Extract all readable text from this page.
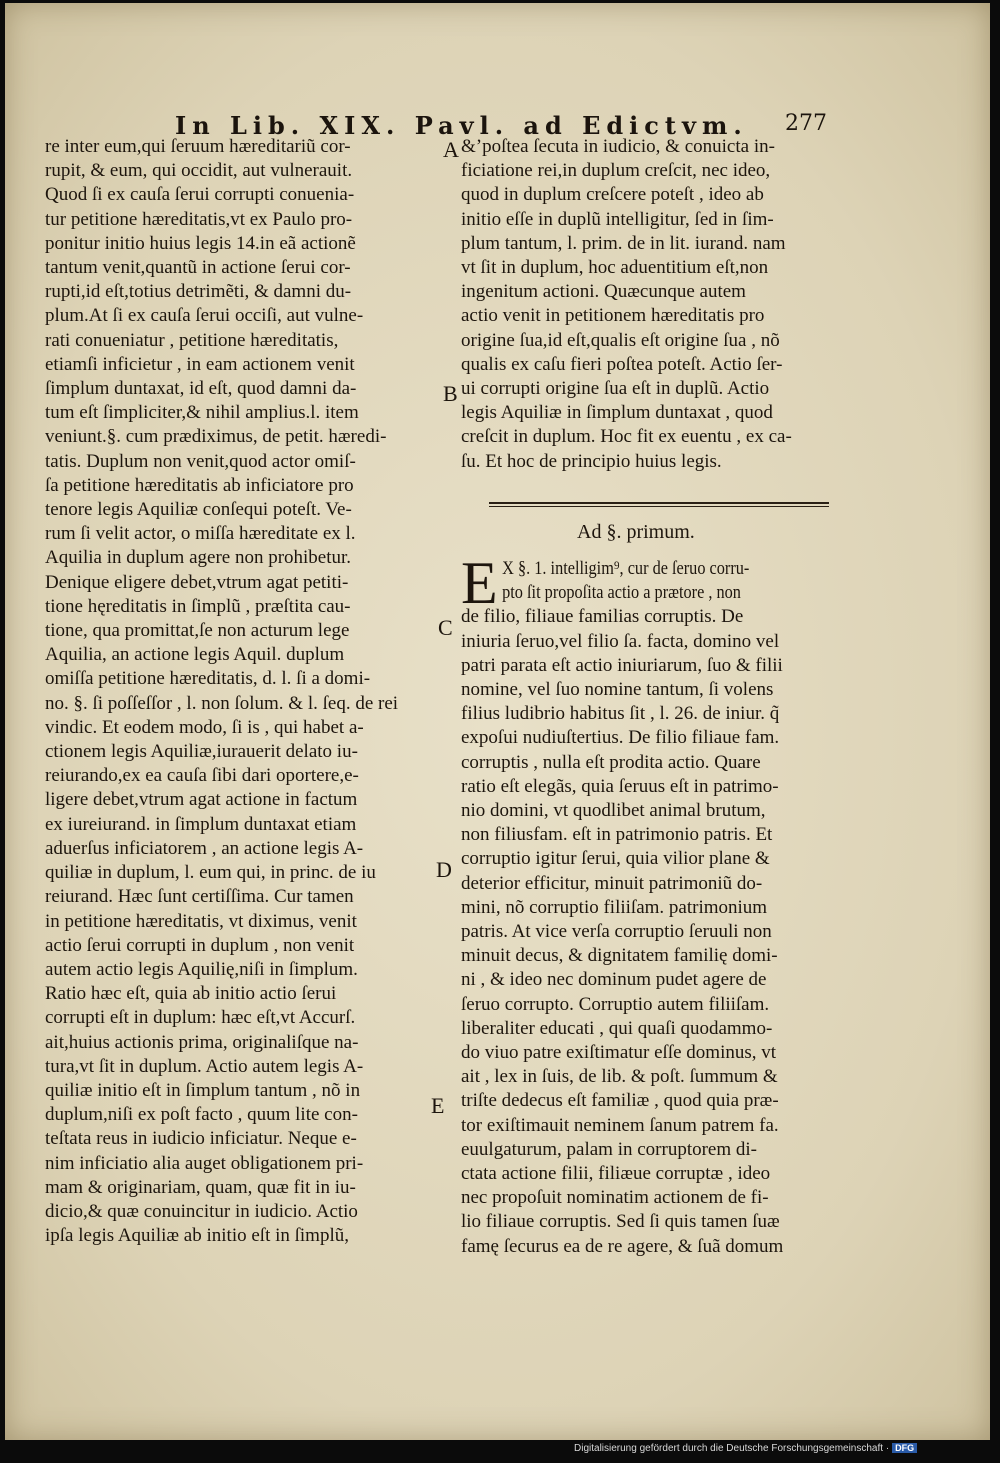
In Lib. XIX. Pavl. ad Edictvm.	277

re inter eum,qui ſeruum hæreditariũ cor-

rupit, & eum, qui occidit, aut vulnerauit.

Quod ſi ex cauſa ſerui corrupti conuenia-

tur petitione hæreditatis,vt ex Paulo pro-

ponitur initio huius legis 14.in eã actionẽ

tantum venit,quantũ in actione ſerui cor-

rupti,id eſt,totius detrimẽti, & damni du-

plum.At ſi ex cauſa ſerui occiſi, aut vulne-

rati conueniatur , petitione hæreditatis,

etiamſi inficietur , in eam actionem venit

ſimplum duntaxat, id eſt, quod damni da-

tum eſt ſimpliciter,& nihil amplius.l. item

veniunt.§. cum prædiximus, de petit. hæredi-

tatis. Duplum non venit,quod actor omiſ-

ſa petitione hæreditatis ab inficiatore pro

tenore legis Aquiliæ conſequi poteſt. Ve-

rum ſi velit actor, o miſſa hæreditate ex l.

Aquilia in duplum agere non prohibetur.

Denique eligere debet,vtrum agat petiti-

tione hęreditatis in ſimplũ , præſtita cau-

tione, qua promittat,ſe non acturum lege

Aquilia, an actione legis Aquil. duplum

omiſſa petitione hæreditatis, d. l. ſi a domi-

no. §. ſi poſſeſſor , l. non ſolum. & l. ſeq. de rei

vindic. Et eodem modo, ſi is , qui habet a-

ctionem legis Aquiliæ,iurauerit delato iu-

reiurando,ex ea cauſa ſibi dari oportere,e-

ligere debet,vtrum agat actione in factum

ex iureiurand. in ſimplum duntaxat etiam

aduerſus inficiatorem , an actione legis A-

quiliæ in duplum, l. eum qui, in princ. de iu

reiurand. Hæc ſunt certiſſima. Cur tamen

in petitione hæreditatis, vt diximus, venit

actio ſerui corrupti in duplum , non venit

autem actio legis Aquilię,niſi in ſimplum.

Ratio hæc eſt, quia ab initio actio ſerui

corrupti eſt in duplum: hæc eſt,vt Accurſ.

ait,huius actionis prima, originaliſque na-

tura,vt ſit in duplum. Actio autem legis A-

quiliæ initio eſt in ſimplum tantum , nõ in

duplum,niſi ex poſt facto , quum lite con-

teſtata reus in iudicio inficiatur. Neque e-

nim inficiatio alia auget obligationem pri-

mam & originariam, quam, quæ fit in iu-

dicio,& quæ conuincitur in iudicio. Actio

ipſa legis Aquiliæ ab initio eſt in ſimplũ,

A
B
C
D
E

&’poſtea ſecuta in iudicio, & conuicta in-

ficiatione rei,in duplum creſcit, nec ideo,

quod in duplum creſcere poteſt , ideo ab

initio eſſe in duplũ intelligitur, ſed in ſim-

plum tantum, l. prim. de in lit. iurand. nam

vt ſit in duplum, hoc aduentitium eſt,non

ingenitum actioni. Quæcunque autem

actio venit in petitionem hæreditatis pro

origine ſua,id eſt,qualis eſt origine ſua , nõ

qualis ex caſu fieri poſtea poteſt. Actio ſer-

ui corrupti origine ſua eſt in duplũ. Actio

legis Aquiliæ in ſimplum duntaxat , quod

creſcit in duplum. Hoc fit ex euentu , ex ca-

ſu. Et hoc de principio huius legis.

Ad §. primum.
E X §. 1. intelligim⁹, cur de ſeruo corru-

pto ſit propoſita actio a prætore , non

de filio, filiaue familias corruptis. De

iniuria ſeruo,vel filio ſa. facta, domino vel

patri parata eſt actio iniuriarum, ſuo & filii

nomine, vel ſuo nomine tantum, ſi volens

filius ludibrio habitus ſit , l. 26. de iniur. q̃

expoſui nudiuſtertius. De filio filiaue fam.

corruptis , nulla eſt prodita actio. Quare

ratio eſt elegãs, quia ſeruus eſt in patrimo-

nio domini, vt quodlibet animal brutum,

non filiusfam. eſt in patrimonio patris. Et

corruptio igitur ſerui, quia vilior plane &

deterior efficitur, minuit patrimoniũ do-

mini, nõ corruptio filiiſam. patrimonium

patris. At vice verſa corruptio ſeruuli non

minuit decus, & dignitatem familię domi-

ni , & ideo nec dominum pudet agere de

ſeruo corrupto. Corruptio autem filiiſam.

liberaliter educati , qui quaſi quodammo-

do viuo patre exiſtimatur eſſe dominus, vt

ait , lex in ſuis, de lib. & poſt. ſummum &

triſte dedecus eſt familiæ , quod quia præ-

tor exiſtimauit neminem ſanum patrem fa.

euulgaturum, palam in corruptorem di-

ctata actione filii, filiæue corruptæ , ideo

nec propoſuit nominatim actionem de fi-

lio filiaue corruptis. Sed ſi quis tamen ſuæ

famę ſecurus ea de re agere, & ſuã domum

Digitalisierung gefördert durch die Deutsche Forschungsgemeinschaft · DFG
